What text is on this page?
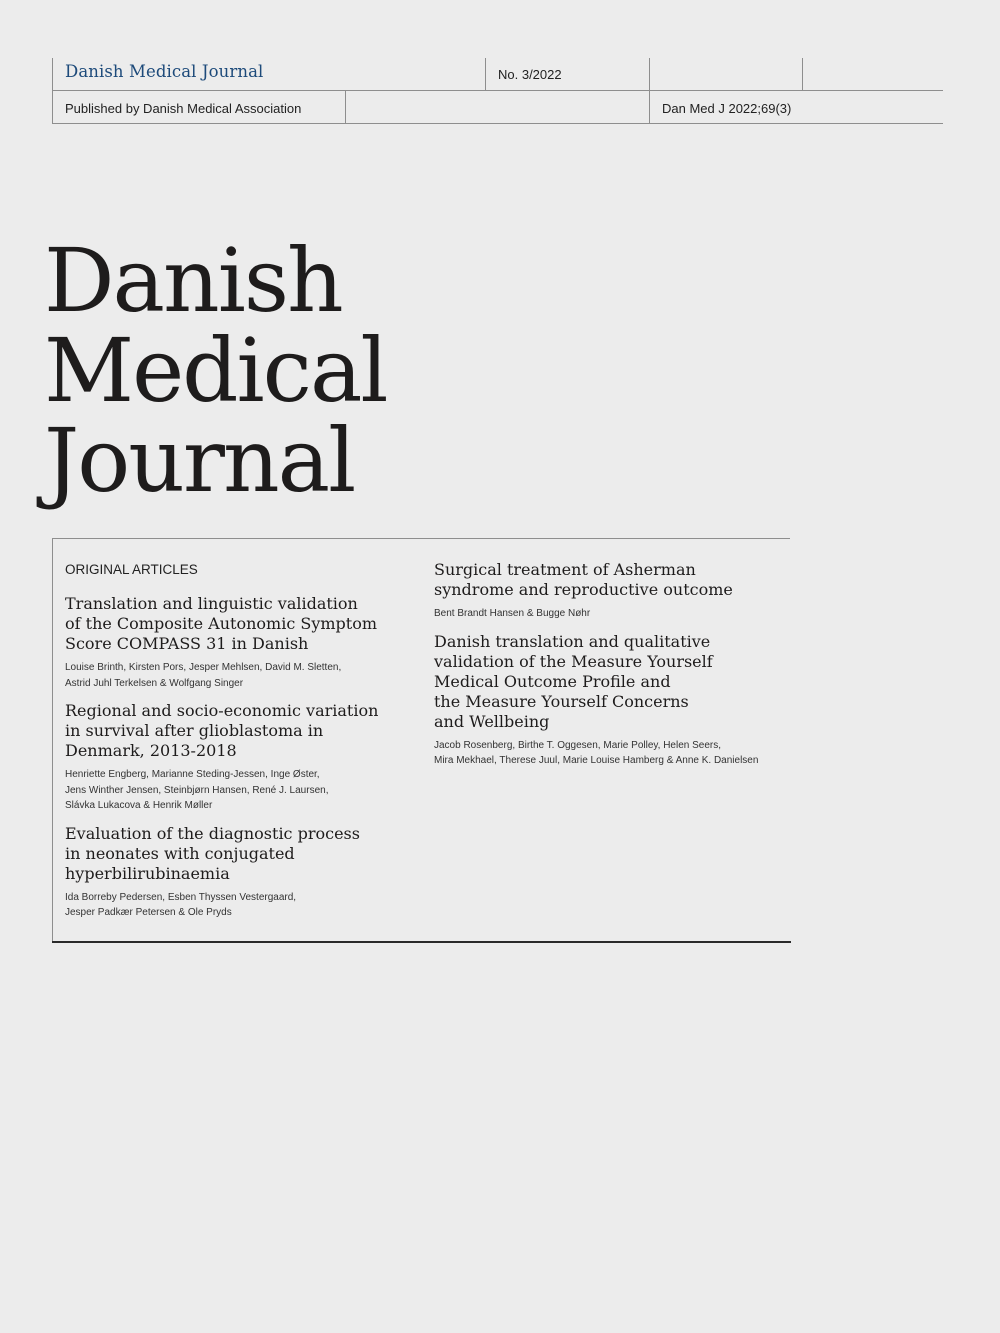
Danish Medical Journal	No. 3/2022
Published by Danish Medical Association	Dan Med J 2022;69(3)
Danish
Medical
Journal
ORIGINAL ARTICLES
Translation and linguistic validation
of the Composite Autonomic Symptom
Score COMPASS 31 in Danish

Louise Brinth, Kirsten Pors, Jesper Mehlsen, David M. Sletten,
Astrid Juhl Terkelsen & Wolfgang Singer

Regional and socio-economic variation
in survival after glioblastoma in
Denmark, 2013-2018

Henriette Engberg, Marianne Steding-Jessen, Inge Øster,
Jens Winther Jensen, Steinbjørn Hansen, René J. Laursen,
Slávka Lukacova & Henrik Møller

Evaluation of the diagnostic process
in neonates with conjugated
hyperbilirubinaemia

Ida Borreby Pedersen, Esben Thyssen Vestergaard,
Jesper Padkær Petersen & Ole Pryds

Surgical treatment of Asherman
syndrome and reproductive outcome

Bent Brandt Hansen & Bugge Nøhr

Danish translation and qualitative
validation of the Measure Yourself
Medical Outcome Profile and
the Measure Yourself Concerns
and Wellbeing

Jacob Rosenberg, Birthe T. Oggesen, Marie Polley, Helen Seers,
Mira Mekhael, Therese Juul, Marie Louise Hamberg & Anne K. Danielsen
